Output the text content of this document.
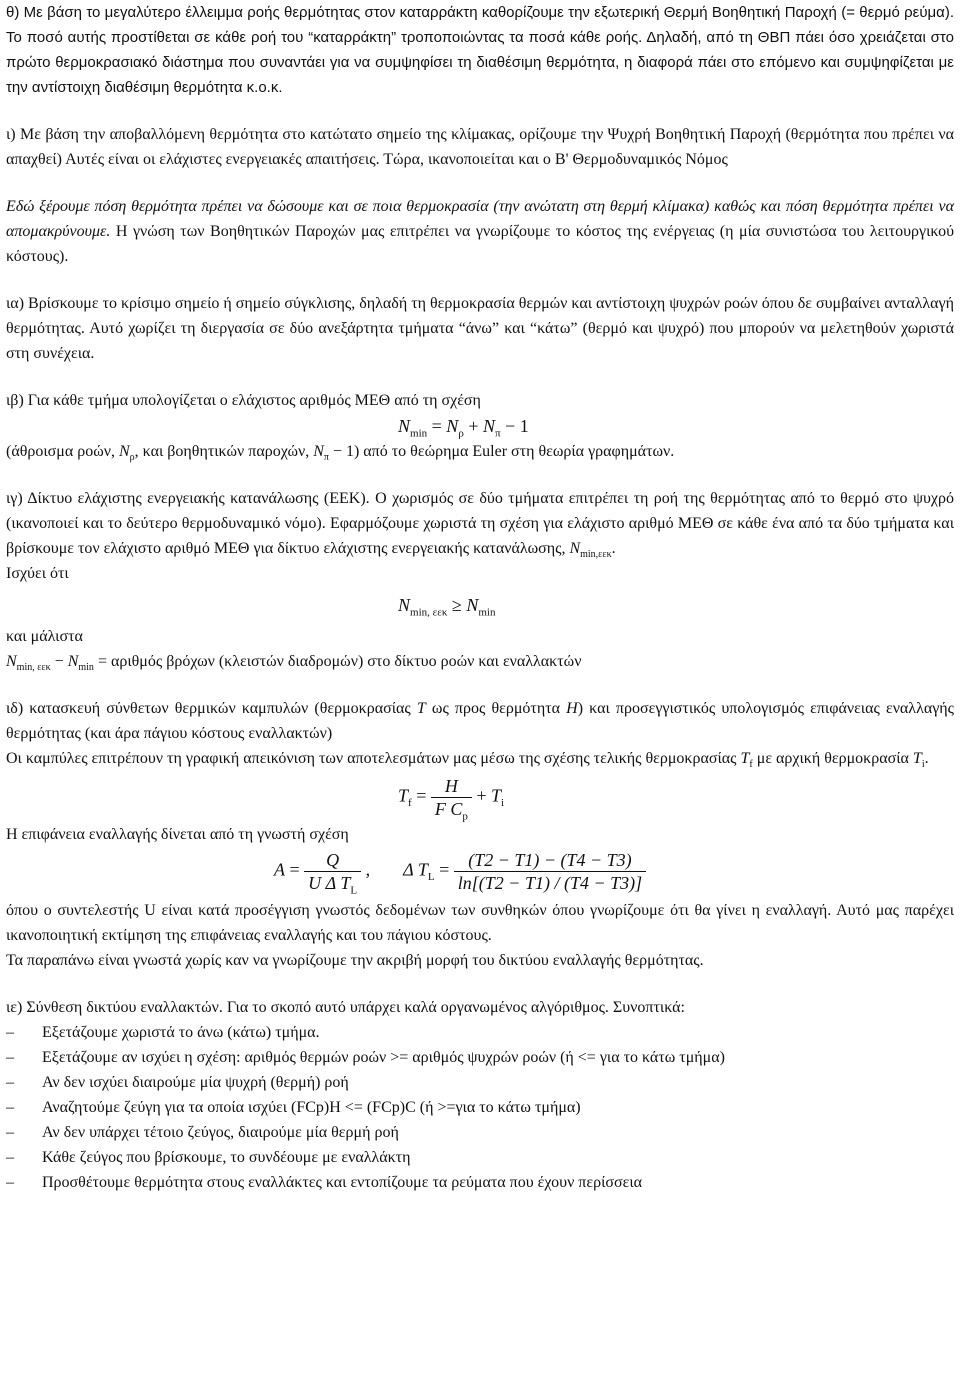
θ) Με βάση το μεγαλύτερο έλλειμμα ροής θερμότητας στον καταρράκτη καθορίζουμε την εξωτερική Θερμή Βοηθητική Παροχή (= θερμό ρεύμα). Το ποσό αυτής προστίθεται σε κάθε ροή του “καταρράκτη” τροποποιώντας τα ποσά κάθε ροής. Δηλαδή, από τη ΘΒΠ πάει όσο χρειάζεται στο πρώτο θερμοκρασιακό διάστημα που συναντάει για να συμψηφίσει τη διαθέσιμη θερμότητα, η διαφορά πάει στο επόμενο και συμψηφίζεται με την αντίστοιχη διαθέσιμη θερμότητα κ.ο.κ.

ι) Με βάση την αποβαλλόμενη θερμότητα στο κατώτατο σημείο της κλίμακας, ορίζουμε την Ψυχρή Βοηθητική Παροχή (θερμότητα που πρέπει να απαχθεί) Αυτές είναι οι ελάχιστες ενεργειακές απαιτήσεις. Τώρα, ικανοποιείται και ο Β' Θερμοδυναμικός Νόμος

Εδώ ξέρουμε πόση θερμότητα πρέπει να δώσουμε και σε ποια θερμοκρασία (την ανώτατη στη θερμή κλίμακα) καθώς και πόση θερμότητα πρέπει να απομακρύνουμε. Η γνώση των Βοηθητικών Παροχών μας επιτρέπει να γνωρίζουμε το κόστος της ενέργειας (η μία συνιστώσα του λειτουργικού κόστους).

ια) Βρίσκουμε το κρίσιμο σημείο ή σημείο σύγκλισης, δηλαδή τη θερμοκρασία θερμών και αντίστοιχη ψυχρών ροών όπου δε συμβαίνει ανταλλαγή θερμότητας. Αυτό χωρίζει τη διεργασία σε δύο ανεξάρτητα τμήματα “άνω” και “κάτω” (θερμό και ψυχρό) που μπορούν να μελετηθούν χωριστά στη συνέχεια.

ιβ) Για κάθε τμήμα υπολογίζεται ο ελάχιστος αριθμός ΜΕΘ από τη σχέση

$N_{min} = N_\rho + N_\pi - 1$

(άθροισμα ροών, $N_\rho$, και βοηθητικών παροχών, $N_\pi - 1$) από το θεώρημα Euler στη θεωρία γραφημάτων.

ιγ) Δίκτυο ελάχιστης ενεργειακής κατανάλωσης (ΕΕΚ). Ο χωρισμός σε δύο τμήματα επιτρέπει τη ροή της θερμότητας από το θερμό στο ψυχρό (ικανοποιεί και το δεύτερο θερμοδυναμικό νόμο). Εφαρμόζουμε χωριστά τη σχέση για ελάχιστο αριθμό ΜΕΘ σε κάθε ένα από τα δύο τμήματα και βρίσκουμε τον ελάχιστο αριθμό ΜΕΘ για δίκτυο ελάχιστης ενεργειακής κατανάλωσης, $N_{min,\varepsilon\varepsilon\kappa}$.

Ισχύει ότι

$N_{min, \varepsilon\varepsilon\kappa} \ge N_{min}$

και μάλιστα

$N_{min, \varepsilon\varepsilon\kappa} - N_{min} = \alpha\rho\iota\theta\mu ό\varsigma$ βρόχων (κλειστών διαδρομών) στο δίκτυο ροών και εναλλακτών

ιδ) κατασκευή σύνθετων θερμικών καμπυλών (θερμοκρασίας T ως προς θερμότητα H) και προσεγγιστικός υπολογισμός επιφάνειας εναλλαγής θερμότητας (και άρα πάγιου κόστους εναλλακτών)

Οι καμπύλες επιτρέπουν τη γραφική απεικόνιση των αποτελεσμάτων μας μέσω της σχέσης τελικής θερμοκρασίας $T_f$ με αρχική θερμοκρασία $T_i$.

$T_f = \frac{H}{F C_p} + T_i$

Η επιφάνεια εναλλαγής δίνεται από τη γνωστή σχέση

$A = \frac{Q}{U \Delta T_L}$ , Δ $T_L = \frac{(T2 - T1) - (T4 - T3)}{\ln[(T2 - T1) / (T4 - T3)]}$

όπου ο συντελεστής U είναι κατά προσέγγιση γνωστός δεδομένων των συνθηκών όπου γνωρίζουμε ότι θα γίνει η εναλλαγή. Αυτό μας παρέχει ικανοποιητική εκτίμηση της επιφάνειας εναλλαγής και του πάγιου κόστους.

Τα παραπάνω είναι γνωστά χωρίς καν να γνωρίζουμε την ακριβή μορφή του δικτύου εναλλαγής θερμότητας.

ιε) Σύνθεση δικτύου εναλλακτών. Για το σκοπό αυτό υπάρχει καλά οργανωμένος αλγόριθμος. Συνοπτικά:

– Εξετάζουμε χωριστά το άνω (κάτω) τμήμα.
– Εξετάζουμε αν ισχύει η σχέση: αριθμός θερμών ροών >= αριθμός ψυχρών ροών (ή <= για το κάτω τμήμα)
– Αν δεν ισχύει διαιρούμε μία ψυχρή (θερμή) ροή
– Αναζητούμε ζεύγη για τα οποία ισχύει (FCp)H <= (FCp)C (ή >=για το κάτω τμήμα)
– Αν δεν υπάρχει τέτοιο ζεύγος, διαιρούμε μία θερμή ροή
– Κάθε ζεύγος που βρίσκουμε, το συνδέουμε με εναλλάκτη
– Προσθέτουμε θερμότητα στους εναλλάκτες και εντοπίζουμε τα ρεύματα που έχουν περίσσεια
